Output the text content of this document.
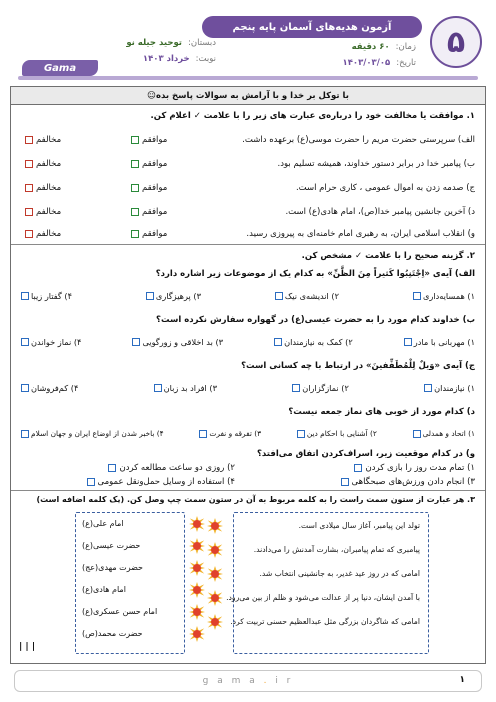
۵
آزمون هدیه‌های آسمان پایه پنجم
زمان:
۶۰ دقیقه
تاریخ:
۱۴۰۳/۰۳/۰۵
دبستان:
توحید جیله نو
نوبت:
خرداد ۱۴۰۳
Gama
با توکل بر خدا و با آرامش به سوالات پاسخ بده☺
۱. موافقت یا مخالفت خود را درباره‌ی عبارت های زیر را با علامت ✓ اعلام کن.
الف) سرپرستی حضرت مریم را حضرت موسی(ع) برعهده داشت.
موافقم
مخالفم
ب) پیامبر خدا در برابر دستور خداوند، همیشه تسلیم بود.
موافقم
مخالفم
ج) صدمه زدن به اموال عمومی ، کاری حرام است.
موافقم
مخالفم
د) آخرین جانشین پیامبر خدا(ص)، امام هادی(ع) است.
موافقم
مخالفم
و) انقلاب اسلامی ایران، به رهبری امام خامنه‌ای به پیروزی رسید.
موافقم
مخالفم
۲. گزینه صحیح را با علامت ✓ مشخص کن.
الف) آیه‌ی «اِجْتَنِبُوا کَثیراً مِنَ الظَّنِّ» به کدام یک از موضوعات زیر اشاره دارد؟
۱) همسایه‌داری
۲) اندیشه‌ی نیک
۳) پرهیزگاری
۴) گفتار زیبا
ب) خداوند کدام مورد را به حضرت عیسی(ع) در گهواره سفارش نکرده است؟
۱) مهربانی با مادر
۲) کمک به نیازمندان
۳) بد اخلاقی و زورگویی
۴) نماز خواندن
ج) آیه‌ی «وَیلٌ لِلْمُطَفِّفینَ» در ارتباط با چه کسانی است؟
۱) نیازمندان
۲) نمازگزاران
۳) افراد بد زبان
۴) کم‌فروشان
د) کدام مورد از خوبی های نماز جمعه نیست؟
۱) اتحاد و همدلی
۲) آشنایی با احکام دین
۳) تفرقه و نفرت
۴) باخبر شدن از اوضاع ایران و جهان اسلام
و) در کدام موقعیت زیر، اسراف‌کردن اتفاق می‌افتد؟
۱) تمام مدت روز را بازی کردن
۲) روزی دو ساعت مطالعه کردن
۳) انجام دادن ورزش‌های صبحگاهی
۴) استفاده از وسایل حمل‌ونقل عمومی
۳. هر عبارت از ستون سمت راست را به کلمه مربوط به آن در ستون سمت چپ وصل کن. (یک کلمه اضافه است)
تولد این پیامبر، آغاز سال میلادی است.
پیامبری که تمام پیامبران، بشارت آمدنش را می‌دادند.
امامی که در روز عید غدیر، به جانشینی انتخاب شد.
با آمدن ایشان، دنیا پر از عدالت می‌شود و ظلم از بین می‌رود.
امامی که شاگردان بزرگی مثل عبدالعظیم حسنی تربیت کرد.
امام علی(ع)
حضرت عیسی(ع)
حضرت مهدی(عج)
امام هادی(ع)
امام حسن عسکری(ع)
حضرت محمد(ص)
| | |
۱
g a m a . i r
